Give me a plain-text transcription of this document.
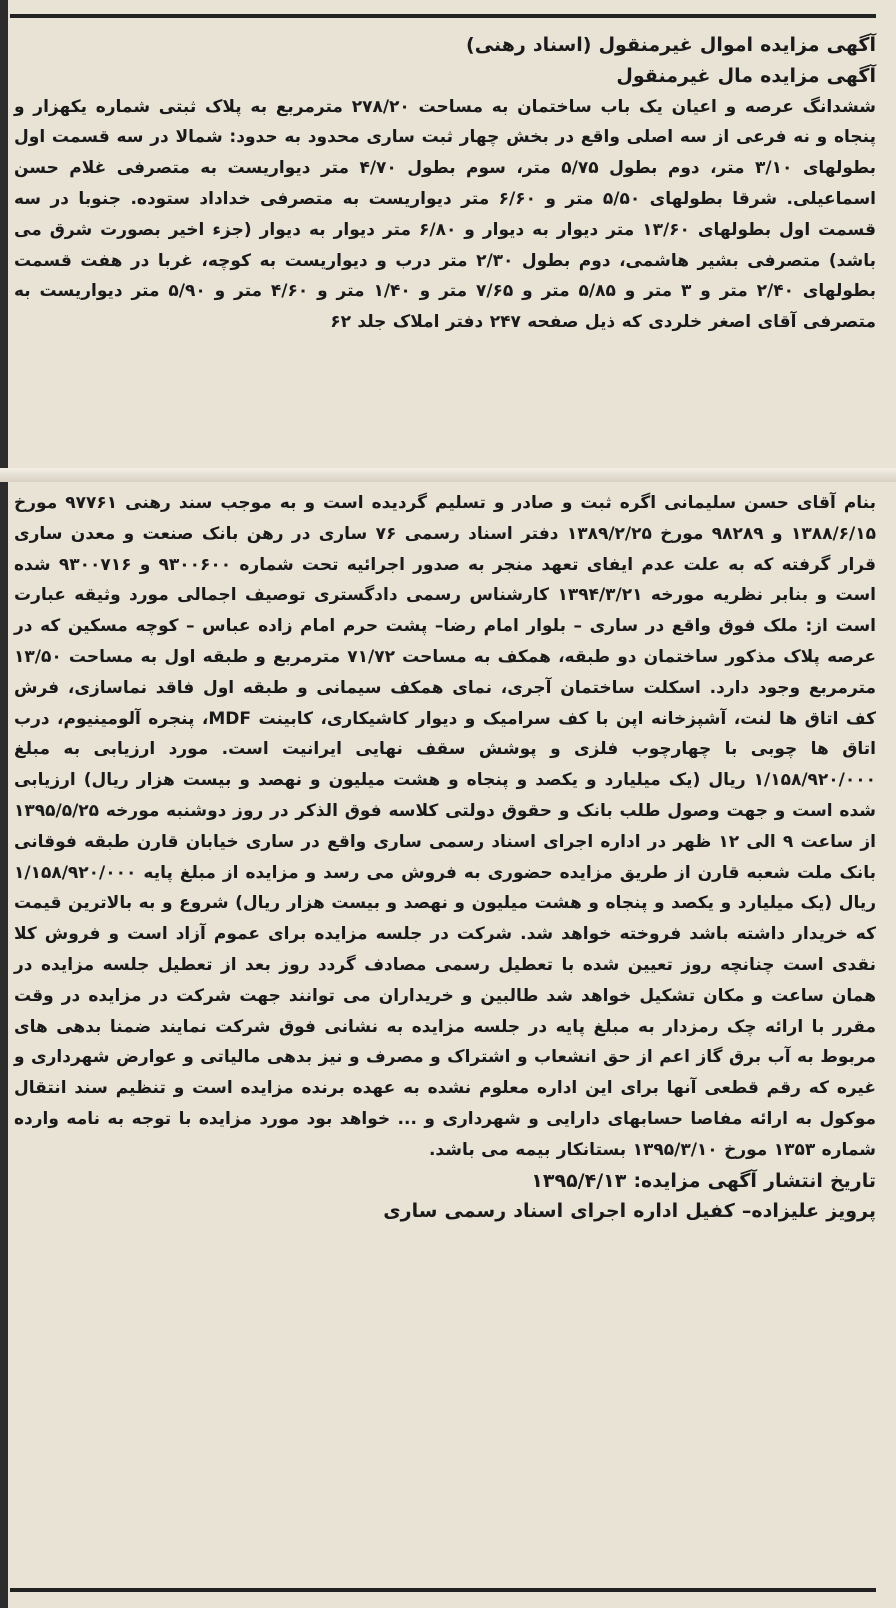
آگهی مزایده اموال غیرمنقول (اسناد رهنی)

آگهی مزایده مال غیرمنقول

ششدانگ عرصه و اعیان یک باب ساختمان به مساحت ۲۷۸/۲۰ مترمربع به پلاک ثبتی شماره یکهزار و پنجاه و نه فرعی از سه اصلی واقع در بخش چهار ثبت ساری محدود به حدود: شمالا در سه قسمت اول بطولهای ۳/۱۰ متر، دوم بطول ۵/۷۵ متر، سوم بطول ۴/۷۰ متر دیواریست به متصرفی غلام حسن اسماعیلی. شرقا بطولهای ۵/۵۰ متر و ۶/۶۰ متر دیواریست به متصرفی خداداد ستوده. جنوبا در سه قسمت اول بطولهای ۱۳/۶۰ متر دیوار به دیوار و ۶/۸۰ متر دیوار به دیوار (جزء اخیر بصورت شرق می باشد) متصرفی بشیر هاشمی، دوم بطول ۲/۳۰ متر درب و دیواریست به کوچه، غربا در هفت قسمت بطولهای ۲/۴۰ متر و ۳ متر و ۵/۸۵ متر و ۷/۶۵ متر و ۱/۴۰ متر و ۴/۶۰ متر و ۵/۹۰ متر دیواریست به متصرفی آقای اصغر خلردی که ذیل صفحه ۲۴۷ دفتر املاک جلد ۶۲

بنام آقای حسن سلیمانی اگره ثبت و صادر و تسلیم گردیده است و به موجب سند رهنی ۹۷۷۶۱ مورخ ۱۳۸۸/۶/۱۵ و ۹۸۲۸۹ مورخ ۱۳۸۹/۲/۲۵ دفتر اسناد رسمی ۷۶ ساری در رهن بانک صنعت و معدن ساری قرار گرفته که به علت عدم ایفای تعهد منجر به صدور اجرائیه تحت شماره ۹۳۰۰۶۰۰ و ۹۳۰۰۷۱۶ شده است و بنابر نظریه مورخه ۱۳۹۴/۳/۲۱ کارشناس رسمی دادگستری توصیف اجمالی مورد وثیقه عبارت است از: ملک فوق واقع در ساری – بلوار امام رضا– پشت حرم امام زاده عباس – کوچه مسکین که در عرصه پلاک مذکور ساختمان دو طبقه، همکف به مساحت ۷۱/۷۲ مترمربع و طبقه اول به مساحت ۱۳/۵۰ مترمربع وجود دارد. اسکلت ساختمان آجری، نمای همکف سیمانی و طبقه اول فاقد نماسازی، فرش کف اتاق ها لنت، آشپزخانه اپن با کف سرامیک و دیوار کاشیکاری، کابینت MDF، پنجره آلومینیوم، درب اتاق ها چوبی با چهارچوب فلزی و پوشش سقف نهایی ایرانیت است. مورد ارزیابی به مبلغ ۱/۱۵۸/۹۲۰/۰۰۰ ریال (یک میلیارد و یکصد و پنجاه و هشت میلیون و نهصد و بیست هزار ریال) ارزیابی شده است و جهت وصول طلب بانک و حقوق دولتی کلاسه فوق الذکر در روز دوشنبه مورخه ۱۳۹۵/۵/۲۵ از ساعت ۹ الی ۱۲ ظهر در اداره اجرای اسناد رسمی ساری واقع در ساری خیابان قارن طبقه فوقانی بانک ملت شعبه قارن از طریق مزایده حضوری به فروش می رسد و مزایده از مبلغ پایه ۱/۱۵۸/۹۲۰/۰۰۰ ریال (یک میلیارد و یکصد و پنجاه و هشت میلیون و نهصد و بیست هزار ریال) شروع و به بالاترین قیمت که خریدار داشته باشد فروخته خواهد شد. شرکت در جلسه مزایده برای عموم آزاد است و فروش کلا نقدی است چنانچه روز تعیین شده با تعطیل رسمی مصادف گردد روز بعد از تعطیل جلسه مزایده در همان ساعت و مکان تشکیل خواهد شد طالبین و خریداران می توانند جهت شرکت در مزایده در وقت مقرر با ارائه چک رمزدار به مبلغ پایه در جلسه مزایده به نشانی فوق شرکت نمایند ضمنا بدهی های مربوط به آب برق گاز اعم از حق انشعاب و اشتراک و مصرف و نیز بدهی مالیاتی و عوارض شهرداری و غیره که رقم قطعی آنها برای این اداره معلوم نشده به عهده برنده مزایده است و تنظیم سند انتقال موکول به ارائه مفاصا حسابهای دارایی و شهرداری و ... خواهد بود مورد مزایده با توجه به نامه وارده شماره ۱۳۵۳ مورخ ۱۳۹۵/۳/۱۰ بستانکار بیمه می باشد.

تاریخ انتشار آگهی مزایده: ۱۳۹۵/۴/۱۳

پرویز علیزاده– کفیل اداره اجرای اسناد رسمی ساری
